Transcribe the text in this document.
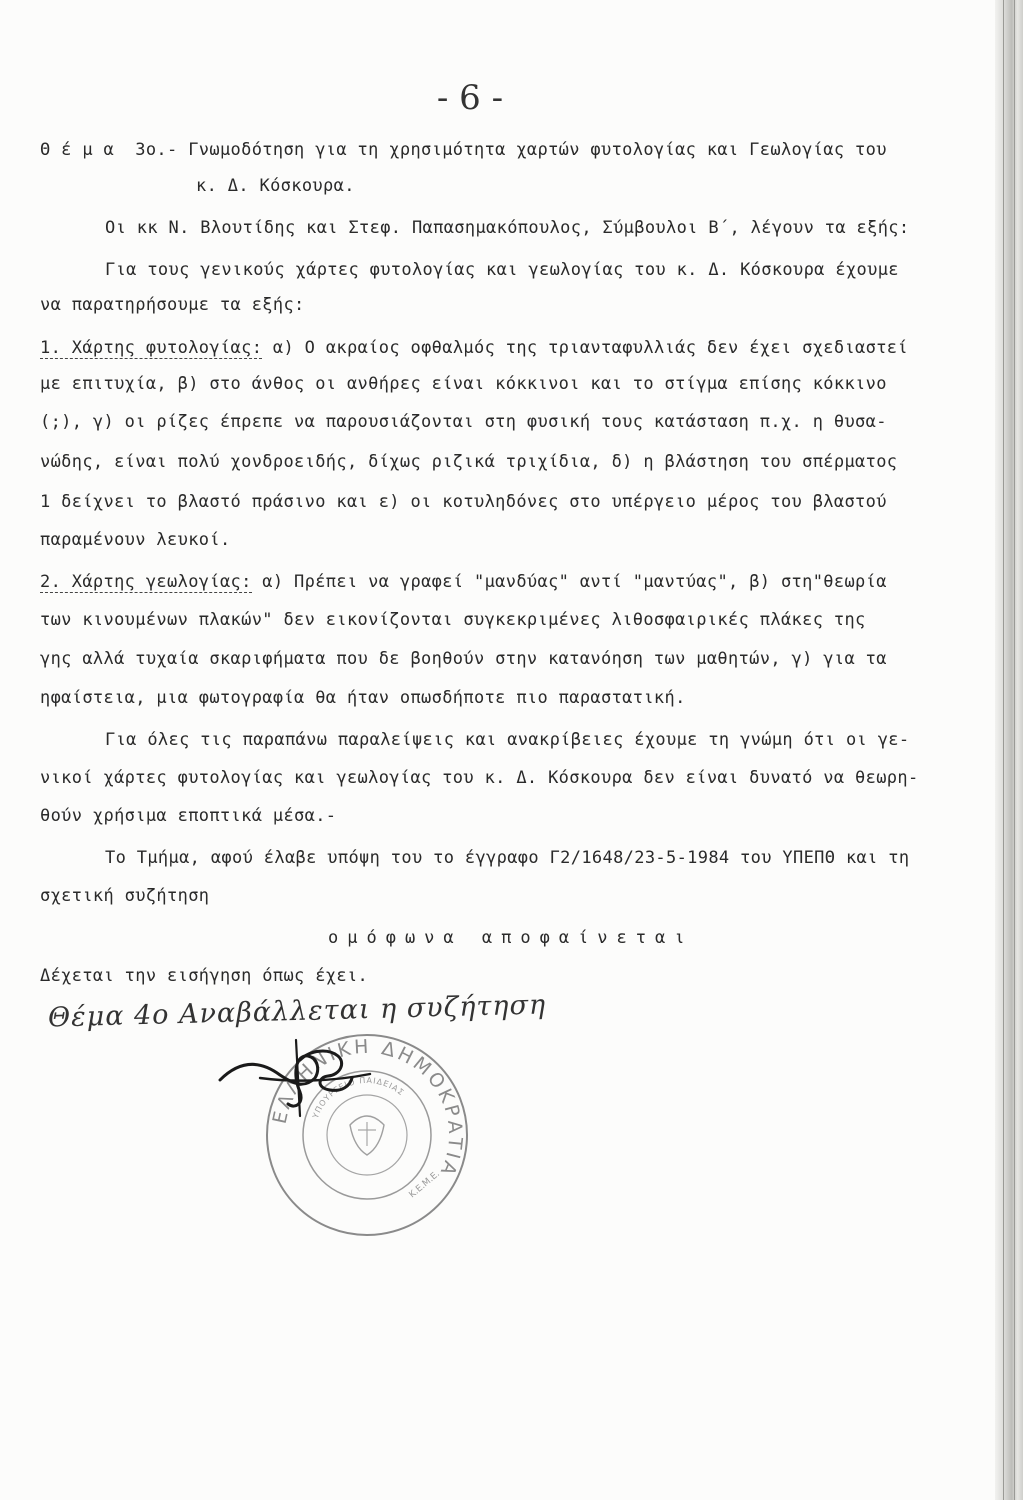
- 6 -
Θ έ μ α  3ο.- Γνωμοδότηση για τη χρησιμότητα χαρτών φυτολογίας και Γεωλογίας του
κ. Δ. Κόσκουρα.
Οι κκ Ν. Βλουτίδης και Στεφ. Παπασημακόπουλος, Σύμβουλοι Β΄, λέγουν τα εξής:
Για τους γενικούς χάρτες φυτολογίας και γεωλογίας του κ. Δ. Κόσκουρα έχουμε
να παρατηρήσουμε τα εξής:
1. Χάρτης φυτολογίας: α) Ο ακραίος οφθαλμός της τριανταφυλλιάς δεν έχει σχεδιαστεί
με επιτυχία, β) στο άνθος οι ανθήρες είναι κόκκινοι και το στίγμα επίσης κόκκινο
(;), γ) οι ρίζες έπρεπε να παρουσιάζονται στη φυσική τους κατάσταση π.χ. η θυσα-
νώδης, είναι πολύ χονδροειδής, δίχως ριζικά τριχίδια, δ) η βλάστηση του σπέρματος
1 δείχνει το βλαστό πράσινο και ε) οι κοτυληδόνες στο υπέργειο μέρος του βλαστού
παραμένουν λευκοί.
2. Χάρτης γεωλογίας: α) Πρέπει να γραφεί "μανδύας" αντί "μαντύας", β) στη"θεωρία
των κινουμένων πλακών" δεν εικονίζονται συγκεκριμένες λιθοσφαιρικές πλάκες της
γης αλλά τυχαία σκαριφήματα που δε βοηθούν στην κατανόηση των μαθητών, γ) για τα
ηφαίστεια, μια φωτογραφία θα ήταν οπωσδήποτε πιο παραστατική.
Για όλες τις παραπάνω παραλείψεις και ανακρίβειες έχουμε τη γνώμη ότι οι γε-
νικοί χάρτες φυτολογίας και γεωλογίας του κ. Δ. Κόσκουρα δεν είναι δυνατό να θεωρη-
θούν χρήσιμα εποπτικά μέσα.-
Το Τμήμα, αφού έλαβε υπόψη του το έγγραφο Γ2/1648/23-5-1984 του ΥΠΕΠΘ και τη
σχετική συζήτηση
ομόφωνα αποφαίνεται
Δέχεται την εισήγηση όπως έχει.
Θέμα 4ο Αναβάλλεται η συζήτηση
ΕΛΛΗΝΙΚΗ ΔΗΜΟΚΡΑΤΙΑ
ΥΠΟΥΡΓΕΙΟ ΠΑΙΔΕΙΑΣ
Κ.Ε.Μ.Ε.
